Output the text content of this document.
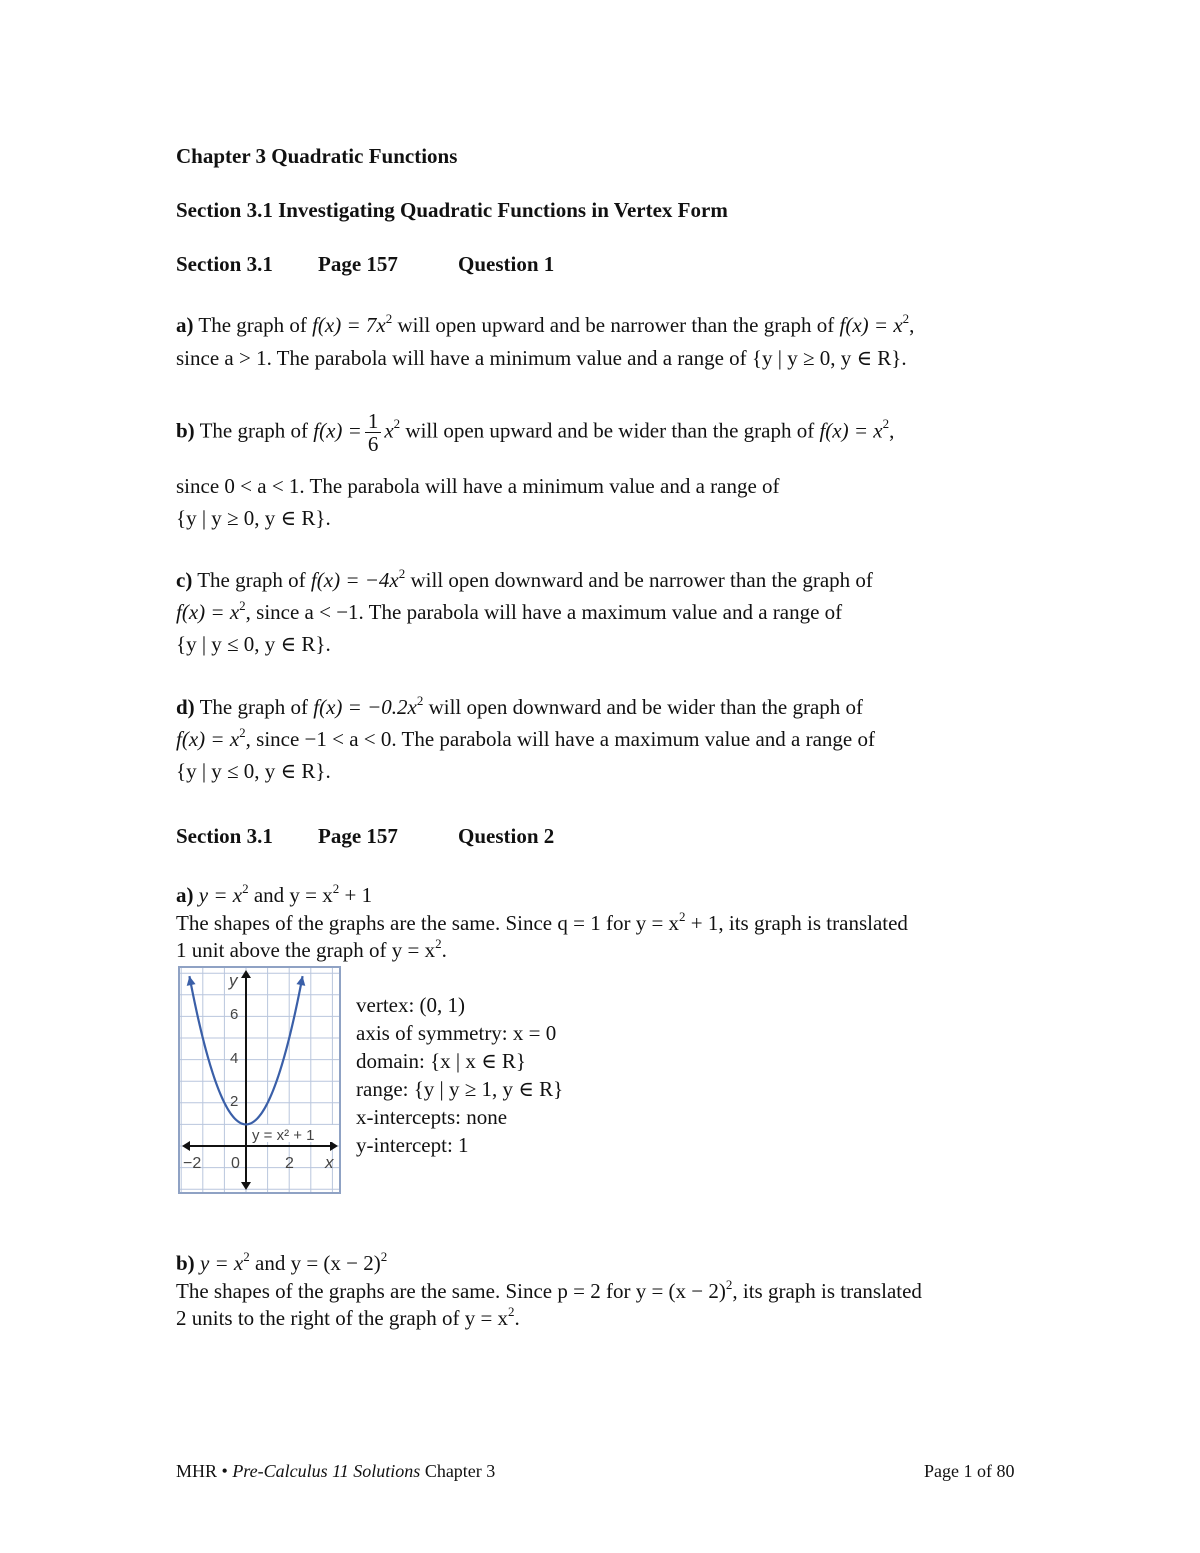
Chapter 3 Quadratic Functions
Section 3.1 Investigating Quadratic Functions in Vertex Form
Section 3.1 Page 157	Question 1
a) The graph of $f(x) = 7x^2$ will open upward and be narrower than the graph of $f(x) = x^2$,
since a > 1. The parabola will have a minimum value and a range of {y | y ≥ 0, y ∈ R}.
b) The graph of $f(x) = \frac{1}{6} x^2$ will open upward and be wider than the graph of $f(x) = x^2$,
since 0 < a < 1. The parabola will have a minimum value and a range of
{y | y ≥ 0, y ∈ R}.
c) The graph of $f(x) = -4x^2$ will open downward and be narrower than the graph of
$f(x) = x^2$, since a < −1. The parabola will have a maximum value and a range of
{y | y ≤ 0, y ∈ R}.
d) The graph of $f(x) = -0.2x^2$ will open downward and be wider than the graph of
$f(x) = x^2$, since −1 < a < 0. The parabola will have a maximum value and a range of
{y | y ≤ 0, y ∈ R}.
Section 3.1 Page 157	Question 2
a) $y = x^2$ and $y = x^2 + 1$
The shapes of the graphs are the same. Since q = 1 for $y = x^2 + 1$, its graph is translated
1 unit above the graph of $y = x^2$.
y
x
6
4
2
−2 0	2
y = x² + 1
vertex: (0, 1)
axis of symmetry: x = 0
domain: {x | x ∈ R}
range: {y | y ≥ 1, y ∈ R}
x-intercepts: none
y-intercept: 1
b) $y = x^2$ and $y = (x - 2)^2$
The shapes of the graphs are the same. Since p = 2 for $y = (x - 2)^2$, its graph is translated
2 units to the right of the graph of $y = x^2$.
MHR • Pre-Calculus 11 Solutions Chapter 3	Page 1 of 80
